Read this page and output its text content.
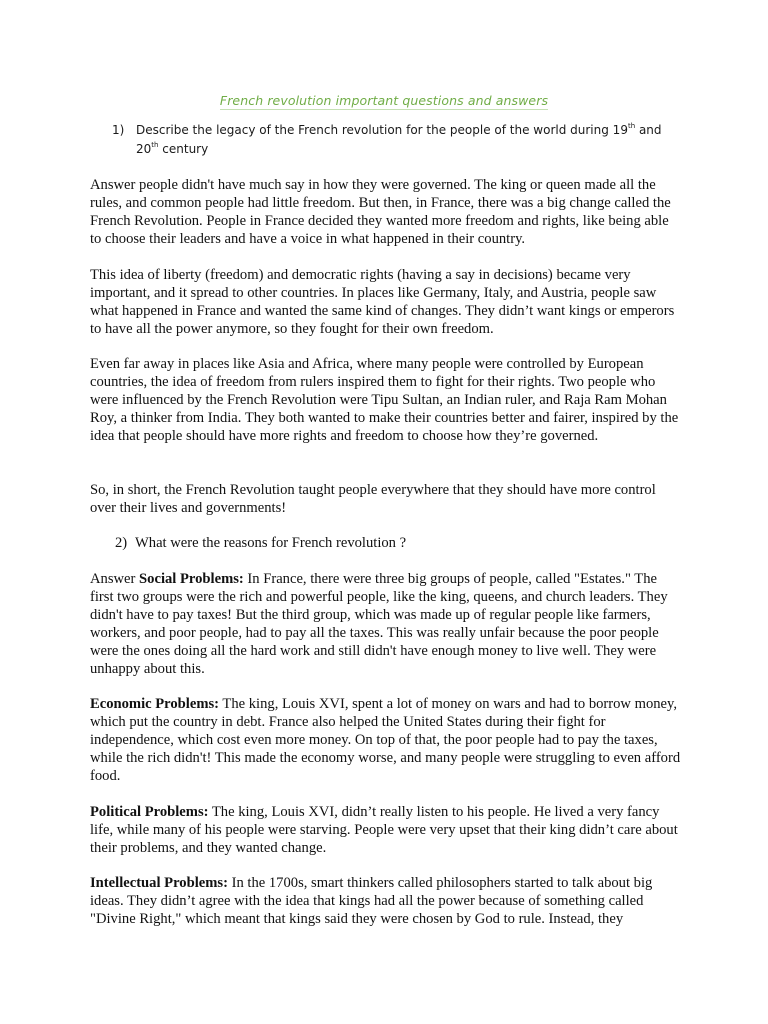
French revolution important questions and answers
1) Describe the legacy of the French revolution for the people of the world during 19th and 20th century

Answer people didn't have much say in how they were governed. The king or queen made all the rules, and common people had little freedom. But then, in France, there was a big change called the French Revolution. People in France decided they wanted more freedom and rights, like being able to choose their leaders and have a voice in what happened in their country.

This idea of liberty (freedom) and democratic rights (having a say in decisions) became very important, and it spread to other countries. In places like Germany, Italy, and Austria, people saw what happened in France and wanted the same kind of changes. They didn’t want kings or emperors to have all the power anymore, so they fought for their own freedom.

Even far away in places like Asia and Africa, where many people were controlled by European countries, the idea of freedom from rulers inspired them to fight for their rights. Two people who were influenced by the French Revolution were Tipu Sultan, an Indian ruler, and Raja Ram Mohan Roy, a thinker from India. They both wanted to make their countries better and fairer, inspired by the idea that people should have more rights and freedom to choose how they’re governed.

So, in short, the French Revolution taught people everywhere that they should have more control over their lives and governments!

2) What were the reasons for French revolution ?

Answer Social Problems: In France, there were three big groups of people, called "Estates." The first two groups were the rich and powerful people, like the king, queens, and church leaders. They didn't have to pay taxes! But the third group, which was made up of regular people like farmers, workers, and poor people, had to pay all the taxes. This was really unfair because the poor people were the ones doing all the hard work and still didn't have enough money to live well. They were unhappy about this.

Economic Problems: The king, Louis XVI, spent a lot of money on wars and had to borrow money, which put the country in debt. France also helped the United States during their fight for independence, which cost even more money. On top of that, the poor people had to pay the taxes, while the rich didn't! This made the economy worse, and many people were struggling to even afford food.

Political Problems: The king, Louis XVI, didn’t really listen to his people. He lived a very fancy life, while many of his people were starving. People were very upset that their king didn’t care about their problems, and they wanted change.

Intellectual Problems: In the 1700s, smart thinkers called philosophers started to talk about big ideas. They didn’t agree with the idea that kings had all the power because of something called "Divine Right," which meant that kings said they were chosen by God to rule. Instead, they
